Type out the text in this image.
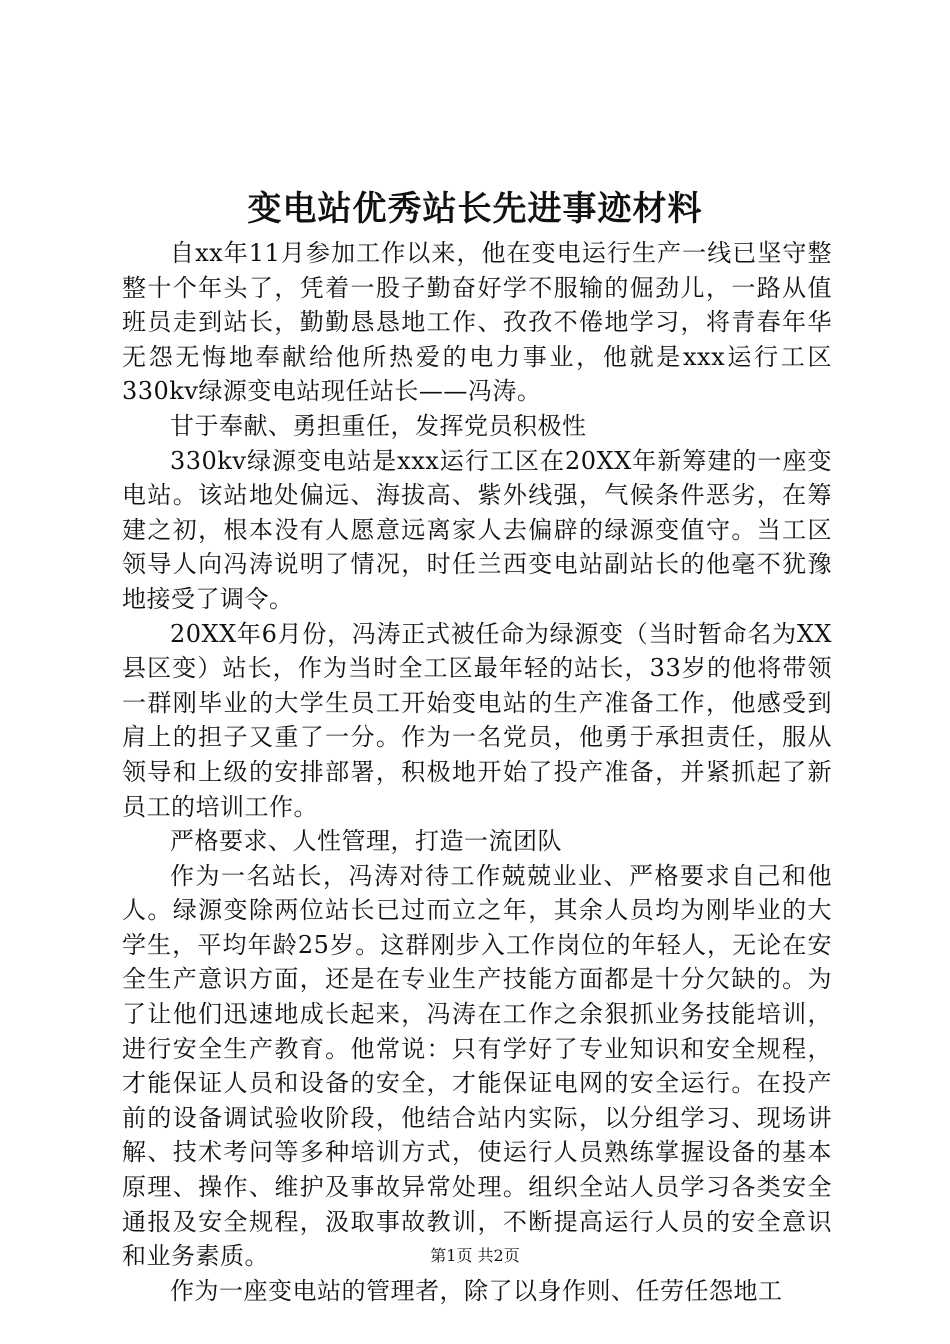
变电站优秀站长先进事迹材料

自xx年11月参加工作以来，他在变电运行生产一线已坚守整整十个年头了，凭着一股子勤奋好学不服输的倔劲儿，一路从值班员走到站长，勤勤恳恳地工作、孜孜不倦地学习，将青春年华无怨无悔地奉献给他所热爱的电力事业，他就是xxx运行工区330kv绿源变电站现任站长——冯涛。

甘于奉献、勇担重任，发挥党员积极性

330kv绿源变电站是xxx运行工区在20XX年新筹建的一座变电站。该站地处偏远、海拔高、紫外线强，气候条件恶劣，在筹建之初，根本没有人愿意远离家人去偏辟的绿源变值守。当工区领导人向冯涛说明了情况，时任兰西变电站副站长的他毫不犹豫地接受了调令。

20XX年6月份，冯涛正式被任命为绿源变（当时暂命名为XX县区变）站长，作为当时全工区最年轻的站长，33岁的他将带领一群刚毕业的大学生员工开始变电站的生产准备工作，他感受到肩上的担子又重了一分。作为一名党员，他勇于承担责任，服从领导和上级的安排部署，积极地开始了投产准备，并紧抓起了新员工的培训工作。

严格要求、人性管理，打造一流团队

作为一名站长，冯涛对待工作兢兢业业、严格要求自己和他人。绿源变除两位站长已过而立之年，其余人员均为刚毕业的大学生，平均年龄25岁。这群刚步入工作岗位的年轻人，无论在安全生产意识方面，还是在专业生产技能方面都是十分欠缺的。为了让他们迅速地成长起来，冯涛在工作之余狠抓业务技能培训，进行安全生产教育。他常说：只有学好了专业知识和安全规程，才能保证人员和设备的安全，才能保证电网的安全运行。在投产前的设备调试验收阶段，他结合站内实际，以分组学习、现场讲解、技术考问等多种培训方式，使运行人员熟练掌握设备的基本原理、操作、维护及事故异常处理。组织全站人员学习各类安全通报及安全规程，汲取事故教训，不断提高运行人员的安全意识和业务素质。

作为一座变电站的管理者，除了以身作则、任劳任怨地工

第1页 共2页
